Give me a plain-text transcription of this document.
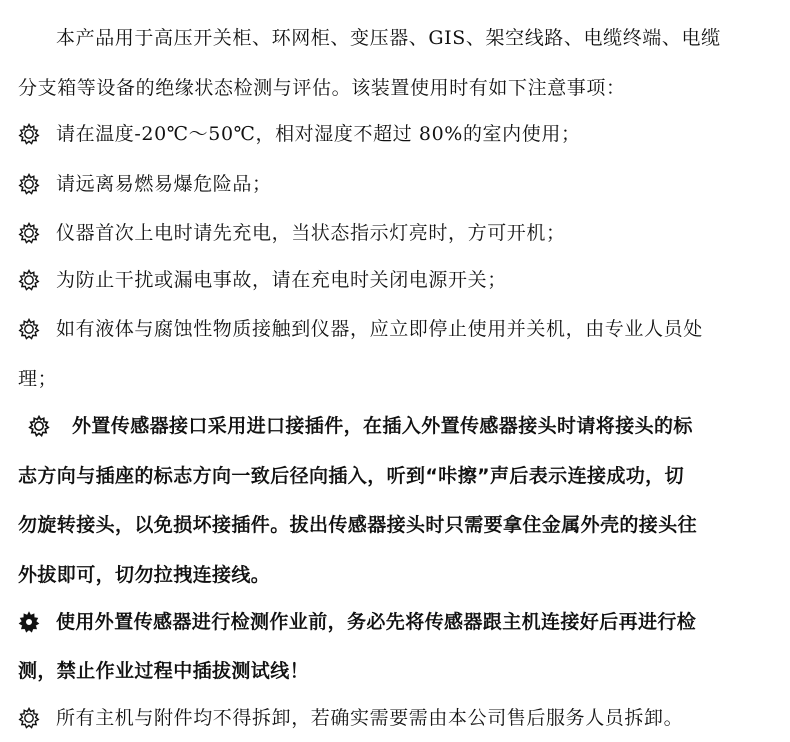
本产品用于高压开关柜、环网柜、变压器、GIS、架空线路、电缆终端、电缆
分支箱等设备的绝缘状态检测与评估。该装置使用时有如下注意事项：
请在温度-20℃～50℃，相对湿度不超过 80%的室内使用；
请远离易燃易爆危险品；
仪器首次上电时请先充电，当状态指示灯亮时，方可开机；
为防止干扰或漏电事故，请在充电时关闭电源开关；
如有液体与腐蚀性物质接触到仪器，应立即停止使用并关机，由专业人员处
理；
外置传感器接口采用进口接插件，在插入外置传感器接头时请将接头的标
志方向与插座的标志方向一致后径向插入，听到“咔擦”声后表示连接成功，切
勿旋转接头，以免损坏接插件。拔出传感器接头时只需要拿住金属外壳的接头往
外拔即可，切勿拉拽连接线。
使用外置传感器进行检测作业前，务必先将传感器跟主机连接好后再进行检
测，禁止作业过程中插拔测试线！
所有主机与附件均不得拆卸，若确实需要需由本公司售后服务人员拆卸。
